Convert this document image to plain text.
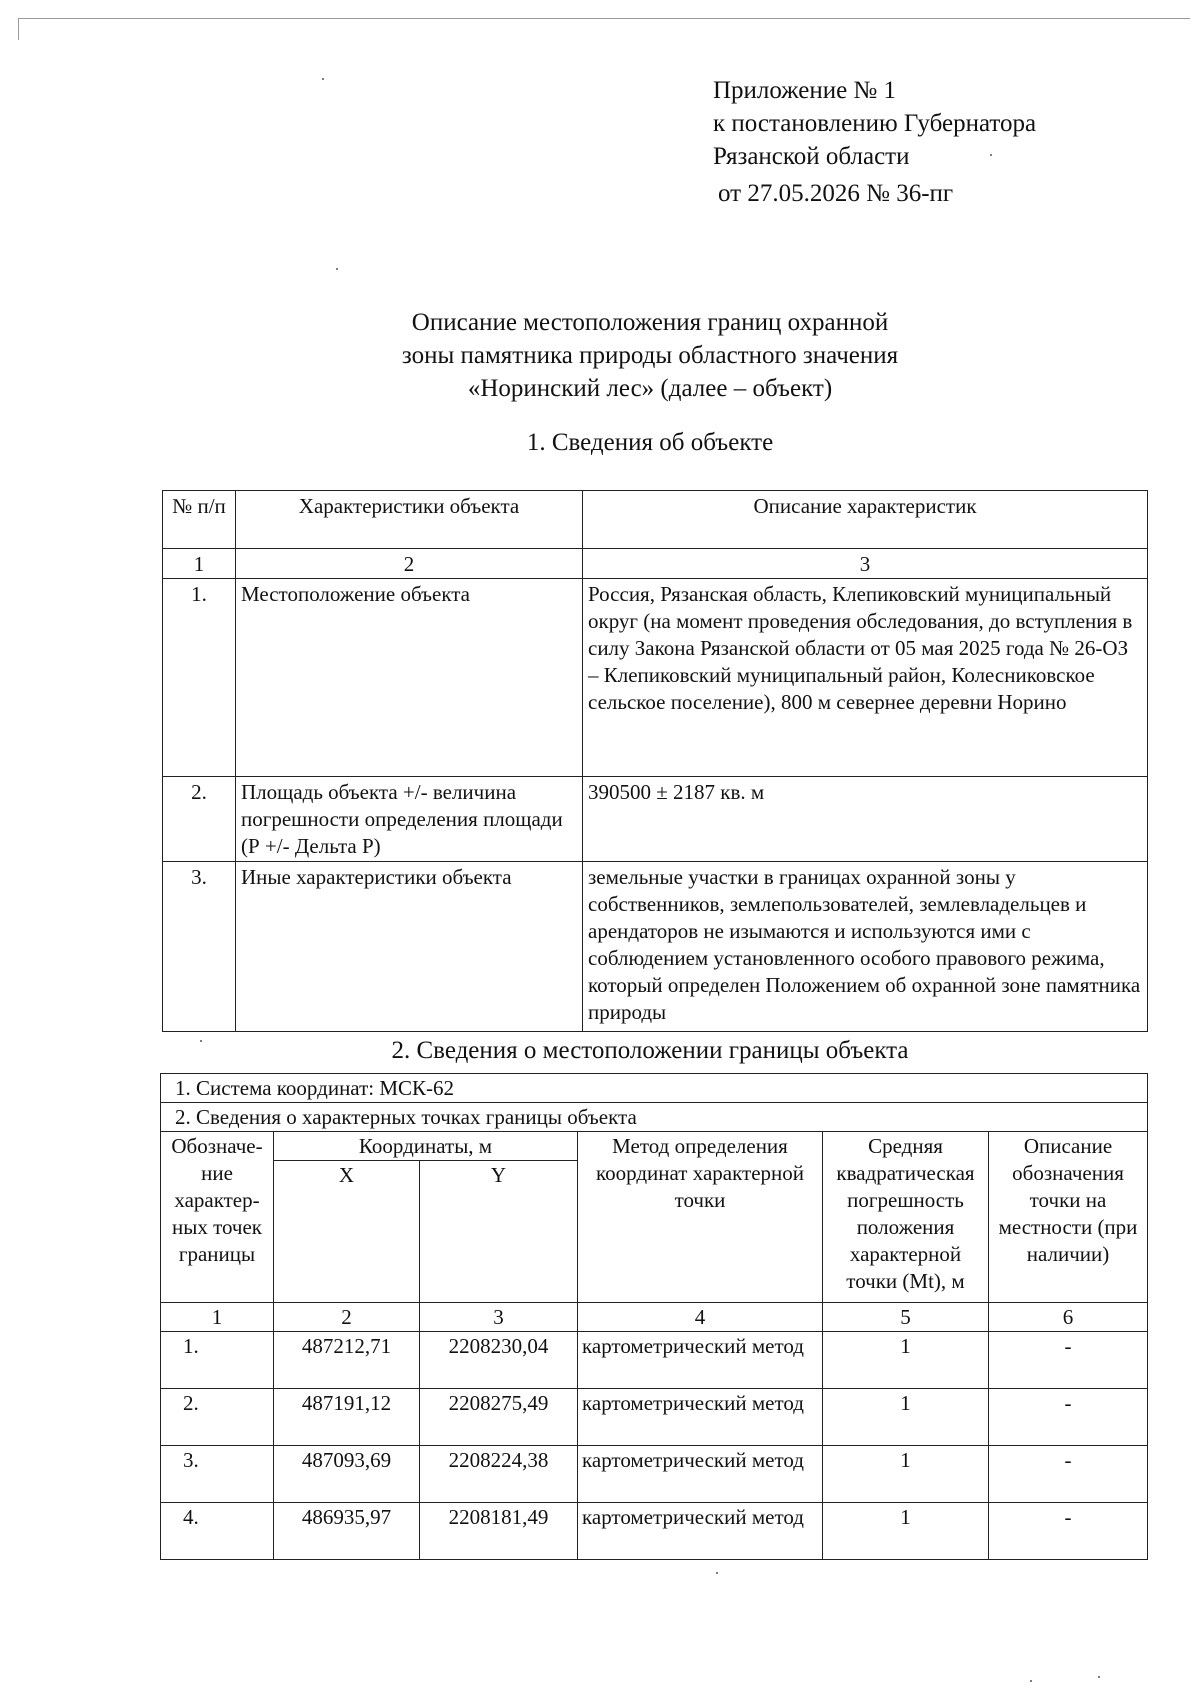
Приложение № 1
к постановлению Губернатора
Рязанской области
от 27.05.2026 № 36-пг
Описание местоположения границ охранной
зоны памятника природы областного значения
«Норинский лес» (далее – объект)
1. Сведения об объекте
№ п/п	Характеристики объекта	Описание характеристик
1	2	3
1.	Местоположение объекта	Россия, Рязанская область, Клепиковский муниципальный округ (на момент проведения обследования, до вступления в силу Закона Рязанской области от 05 мая 2025 года № 26-ОЗ – Клепиковский муниципальный район, Колесниковское сельское поселение), 800 м севернее деревни Норино
2.	Площадь объекта +/- величина погрешности определения площади (Р +/- Дельта Р)	390500 ± 2187 кв. м
3.	Иные характеристики объекта	земельные участки в границах охранной зоны у собственников, землепользователей, землевладельцев и арендаторов не изымаются и используются ими с соблюдением установленного особого правового режима, который определен Положением об охранной зоне памятника природы
2. Сведения о местоположении границы объекта
1. Система координат: МСК-62					
2. Сведения о характерных точках границы объекта					
Обозначе-ние характер-ных точек границы	Координаты, м		Метод определения координат характерной точки	Средняя квадратическая погрешность положения характерной точки (Mt), м	Описание обозначения точки на местности (при наличии)
	X	Y			
1	2	3	4	5	6
1.	487212,71	2208230,04	картометрический метод	1	-
2.	487191,12	2208275,49	картометрический метод	1	-
3.	487093,69	2208224,38	картометрический метод	1	-
4.	486935,97	2208181,49	картометрический метод	1	-
